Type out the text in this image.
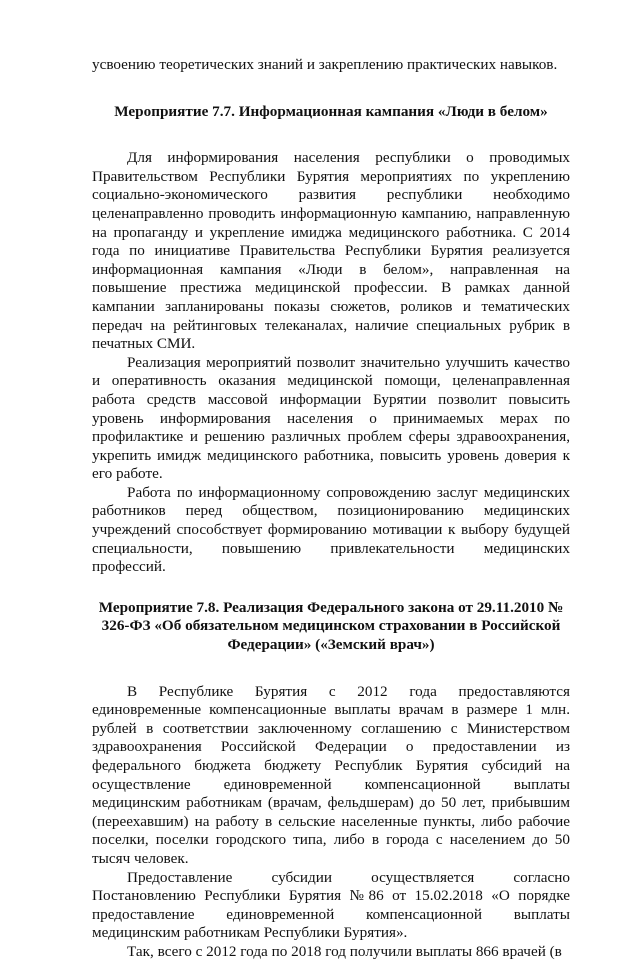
усвоению теоретических знаний и закреплению практических навыков.

Мероприятие 7.7. Информационная кампания «Люди в белом»

Для информирования населения республики о проводимых Правительством Республики Бурятия мероприятиях по укреплению социально-экономического развития республики необходимо целенаправленно проводить информационную кампанию, направленную на пропаганду и укрепление имиджа медицинского работника. С 2014 года по инициативе Правительства Республики Бурятия реализуется информационная кампания «Люди в белом», направленная на повышение престижа медицинской профессии. В рамках данной кампании запланированы показы сюжетов, роликов и тематических передач на рейтинговых телеканалах, наличие специальных рубрик в печатных СМИ.

Реализация мероприятий позволит значительно улучшить качество и оперативность оказания медицинской помощи, целенаправленная работа средств массовой информации Бурятии позволит повысить уровень информирования населения о принимаемых мерах по профилактике и решению различных проблем сферы здравоохранения, укрепить имидж медицинского работника, повысить уровень доверия к его работе.

Работа по информационному сопровождению заслуг медицинских работников перед обществом, позиционированию медицинских учреждений способствует формированию мотивации к выбору будущей специальности, повышению привлекательности медицинских профессий.

Мероприятие 7.8. Реализация Федерального закона от 29.11.2010 № 326-ФЗ «Об обязательном медицинском страховании в Российской Федерации» («Земский врач»)

В Республике Бурятия с 2012 года предоставляются единовременные компенсационные выплаты врачам в размере 1 млн. рублей в соответствии заключенному соглашению с Министерством здравоохранения Российской Федерации о предоставлении из федерального бюджета бюджету Республик Бурятия субсидий на осуществление единовременной компенсационной выплаты медицинским работникам (врачам, фельдшерам) до 50 лет, прибывшим (переехавшим) на работу в сельские населенные пункты, либо рабочие поселки, поселки городского типа, либо в города с населением до 50 тысяч человек.

Предоставление субсидии осуществляется согласно Постановлению Республики Бурятия №86 от 15.02.2018 «О порядке предоставление единовременной компенсационной выплаты медицинским работникам Республики Бурятия».

Так, всего с 2012 года по 2018 год получили выплаты 866 врачей (в
